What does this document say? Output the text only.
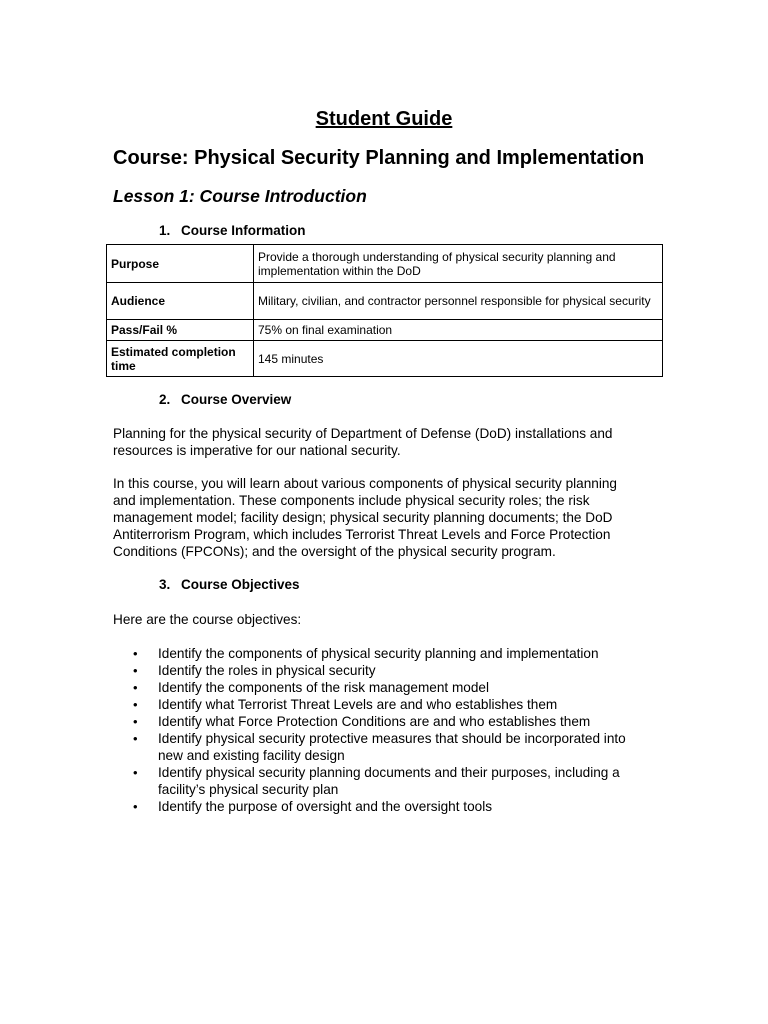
Student Guide
Course: Physical Security Planning and Implementation
Lesson 1: Course Introduction
1. Course Information
Purpose	Provide a thorough understanding of physical security planning and implementation within the DoD
Audience	Military, civilian, and contractor personnel responsible for physical security
Pass/Fail %	75% on final examination
Estimated completion time	145 minutes
2. Course Overview

Planning for the physical security of Department of Defense (DoD) installations and resources is imperative for our national security.

In this course, you will learn about various components of physical security planning and implementation. These components include physical security roles; the risk management model; facility design; physical security planning documents; the DoD Antiterrorism Program, which includes Terrorist Threat Levels and Force Protection Conditions (FPCONs); and the oversight of the physical security program.

3. Course Objectives

Here are the course objectives:

• Identify the components of physical security planning and implementation
• Identify the roles in physical security
• Identify the components of the risk management model
• Identify what Terrorist Threat Levels are and who establishes them
• Identify what Force Protection Conditions are and who establishes them
• Identify physical security protective measures that should be incorporated into new and existing facility design
• Identify physical security planning documents and their purposes, including a facility’s physical security plan
• Identify the purpose of oversight and the oversight tools
